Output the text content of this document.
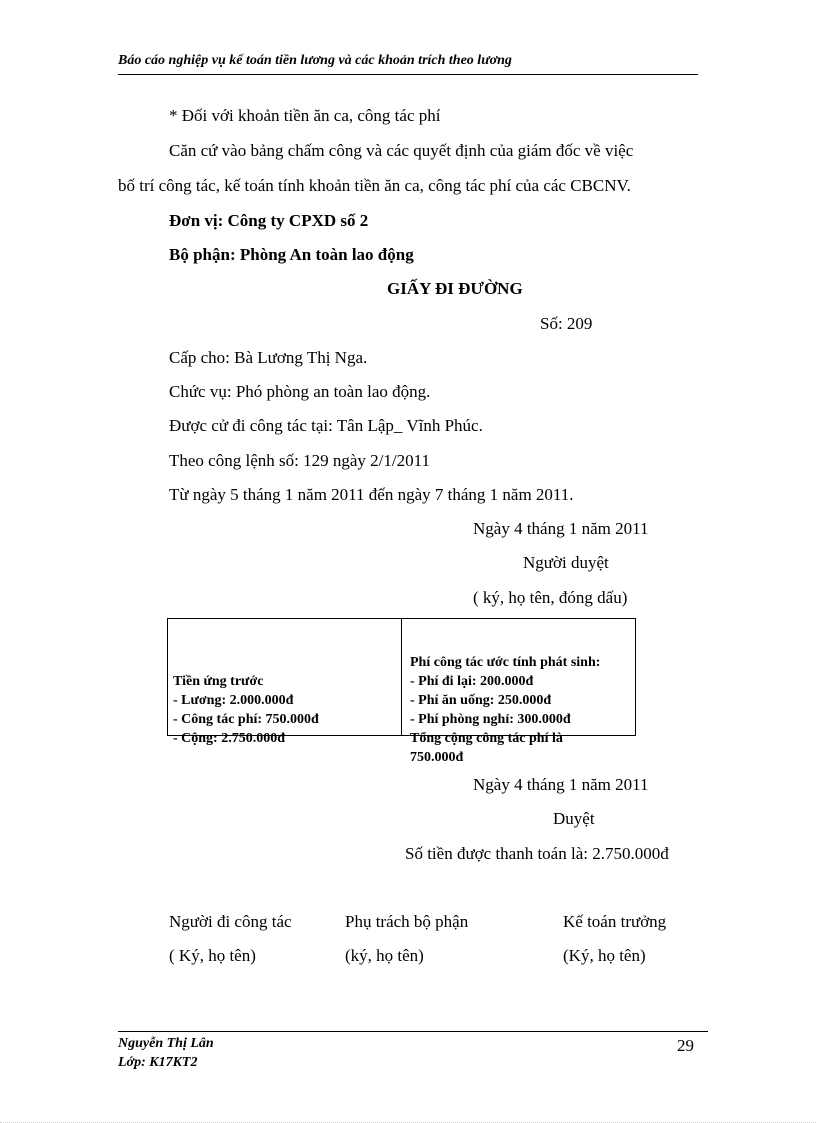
Báo cáo nghiệp vụ kế toán tiền lương và các khoản trích theo lương
* Đối với khoản tiền ăn ca, công tác phí
Căn cứ vào bảng chấm công và các quyết định của giám đốc về việc
bố trí công tác, kế toán tính khoản tiền ăn ca, công tác phí của các CBCNV.
Đơn vị: Công ty CPXD số 2
Bộ phận: Phòng An toàn lao động
GIẤY ĐI ĐƯỜNG
Số: 209
Cấp cho: Bà Lương Thị Nga.
Chức vụ: Phó phòng an toàn lao động.
Được cử đi công tác tại: Tân Lập_ Vĩnh Phúc.
Theo công lệnh số: 129 ngày 2/1/2011
Từ ngày 5 tháng 1 năm 2011 đến ngày 7 tháng 1 năm 2011.
Ngày 4 tháng 1 năm 2011
Người duyệt
( ký, họ tên, đóng dấu)
Tiền ứng trước
- Lương: 2.000.000đ
- Công tác phí: 750.000đ
- Cộng: 2.750.000đ
Phí công tác ước tính phát sinh:
- Phí đi lại: 200.000đ
- Phí ăn uống: 250.000đ
- Phí phòng nghỉ: 300.000đ
Tổng cộng công tác phí là
750.000đ
Ngày 4 tháng 1 năm 2011
Duyệt
Số tiền được thanh toán là: 2.750.000đ
Người đi công tác	Phụ trách bộ phận	Kế toán trưởng
( Ký, họ tên)	(ký, họ tên)	(Ký, họ tên)
Nguyễn Thị Lân
Lớp: K17KT2
29
